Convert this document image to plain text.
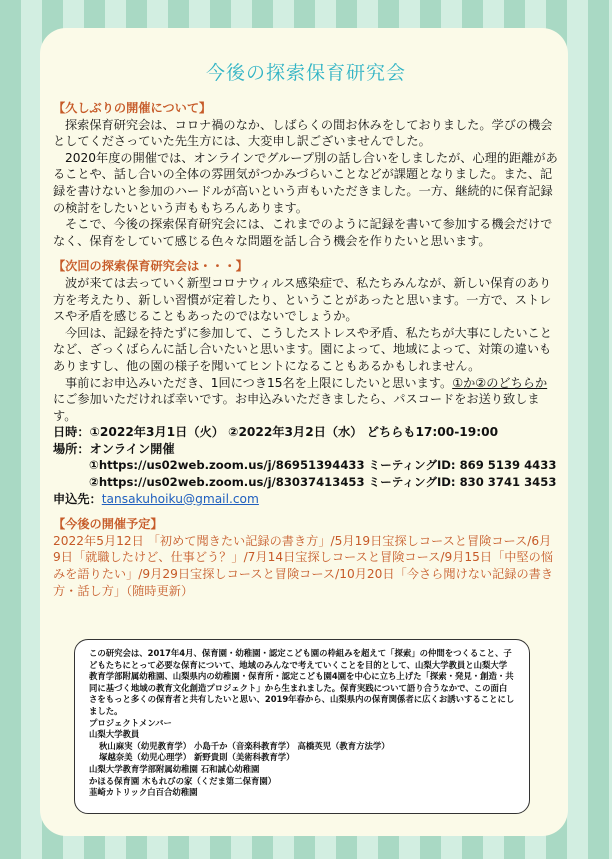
今後の探索保育研究会

【久しぶりの開催について】

探索保育研究会は、コロナ禍のなか、しばらくの間お休みをしておりました。学びの機会としてくださっていた先生方には、大変申し訳ございませんでした。

2020年度の開催では、オンラインでグループ別の話し合いをしましたが、心理的距離があることや、話し合いの全体の雰囲気がつかみづらいことなどが課題となりました。また、記録を書けないと参加のハードルが高いという声もいただきました。一方、継続的に保育記録の検討をしたいという声ももちろんあります。

そこで、今後の探索保育研究会には、これまでのように記録を書いて参加する機会だけでなく、保育をしていて感じる色々な問題を話し合う機会を作りたいと思います。

【次回の探索保育研究会は・・・】

波が来ては去っていく新型コロナウィルス感染症で、私たちみんなが、新しい保育のあり方を考えたり、新しい習慣が定着したり、ということがあったと思います。一方で、ストレスや矛盾を感じることもあったのではないでしょうか。

今回は、記録を持たずに参加して、こうしたストレスや矛盾、私たちが大事にしたいことなど、ざっくばらんに話し合いたいと思います。園によって、地域によって、対策の違いもありますし、他の園の様子を聞いてヒントになることもあるかもしれません。

事前にお申込みいただき、1回につき15名を上限にしたいと思います。①か②のどちらかにご参加いただければ幸いです。お申込みいただきましたら、パスコードをお送り致します。

日時：①2022年3月1日（火） ②2022年3月2日（水） どちらも17:00-19:00

場所：オンライン開催

①https://us02web.zoom.us/j/86951394433 ミーティングID: 869 5139 4433

②https://us02web.zoom.us/j/83037413453 ミーティングID: 830 3741 3453

申込先：tansakuhoiku@gmail.com

【今後の開催予定】

2022年5月12日 「初めて聞きたい記録の書き方」/5月19日宝探しコースと冒険コース/6月9日「就職したけど、仕事どう？」/7月14日宝探しコースと冒険コース/9月15日「中堅の悩みを語りたい」/9月29日宝探しコースと冒険コース/10月20日「今さら聞けない記録の書き方・話し方」（随時更新）

この研究会は、2017年4月、保育園・幼稚園・認定こども園の枠組みを超えて「探索」の仲間をつくること、子どもたちにとって必要な保育について、地域のみんなで考えていくことを目的として、山梨大学教員と山梨大学教育学部附属幼稚園、山梨県内の幼稚園・保育所・認定こども園4園を中心に立ち上げた「探索・発見・創造・共同に基づく地域の教育文化創造プロジェクト」から生まれました。保育実践について語り合うなかで、この面白さをもっと多くの保育者と共有したいと思い、2019年春から、山梨県内の保育関係者に広くお誘いすることにしました。

プロジェクトメンバー

山梨大学教員

秋山麻実（幼児教育学） 小島千か（音楽科教育学） 高橋英児（教育方法学）

塚越奈美（幼児心理学） 新野貴則（美術科教育学）

山梨大学教育学部附属幼稚園 石和誠心幼稚園

かほる保育園 木もれびの家（くだま第二保育園）

韮崎カトリック白百合幼稚園
